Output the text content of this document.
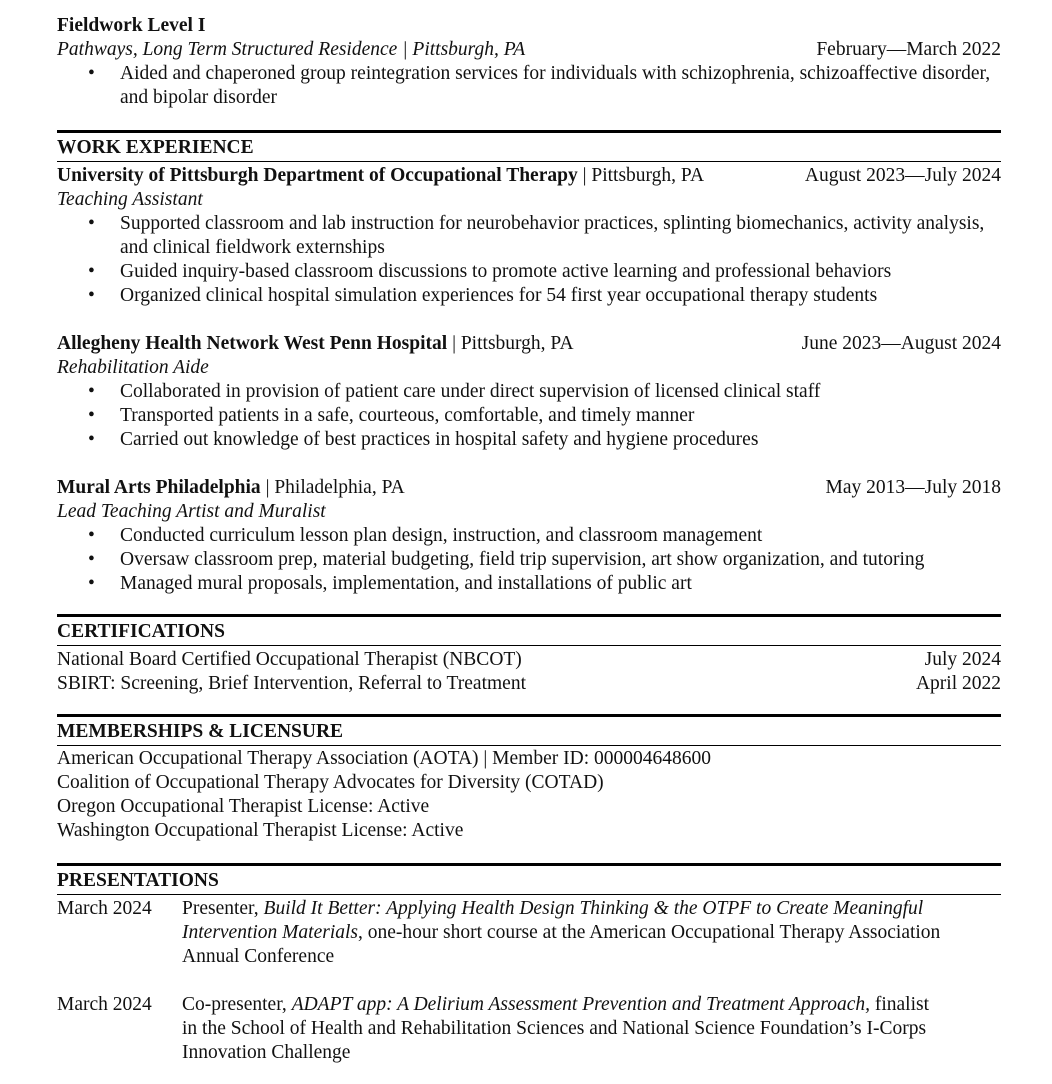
Fieldwork Level I
Pathways, Long Term Structured Residence | Pittsburgh, PA	February—March 2022
• Aided and chaperoned group reintegration services for individuals with schizophrenia, schizoaffective disorder, and bipolar disorder
WORK EXPERIENCE
University of Pittsburgh Department of Occupational Therapy | Pittsburgh, PA	August 2023—July 2024
Teaching Assistant
• Supported classroom and lab instruction for neurobehavior practices, splinting biomechanics, activity analysis, and clinical fieldwork externships
• Guided inquiry-based classroom discussions to promote active learning and professional behaviors
• Organized clinical hospital simulation experiences for 54 first year occupational therapy students
Allegheny Health Network West Penn Hospital | Pittsburgh, PA	June 2023—August 2024
Rehabilitation Aide
• Collaborated in provision of patient care under direct supervision of licensed clinical staff
• Transported patients in a safe, courteous, comfortable, and timely manner
• Carried out knowledge of best practices in hospital safety and hygiene procedures
Mural Arts Philadelphia | Philadelphia, PA	May 2013—July 2018
Lead Teaching Artist and Muralist
• Conducted curriculum lesson plan design, instruction, and classroom management
• Oversaw classroom prep, material budgeting, field trip supervision, art show organization, and tutoring
• Managed mural proposals, implementation, and installations of public art
CERTIFICATIONS
National Board Certified Occupational Therapist (NBCOT)	July 2024
SBIRT: Screening, Brief Intervention, Referral to Treatment	April 2022
MEMBERSHIPS & LICENSURE
American Occupational Therapy Association (AOTA) | Member ID: 000004648600
Coalition of Occupational Therapy Advocates for Diversity (COTAD)
Oregon Occupational Therapist License: Active
Washington Occupational Therapist License: Active
PRESENTATIONS
March 2024	Presenter, Build It Better: Applying Health Design Thinking & the OTPF to Create Meaningful Intervention Materials, one-hour short course at the American Occupational Therapy Association Annual Conference
March 2024	Co-presenter, ADAPT app: A Delirium Assessment Prevention and Treatment Approach, finalist in the School of Health and Rehabilitation Sciences and National Science Foundation’s I-Corps Innovation Challenge
